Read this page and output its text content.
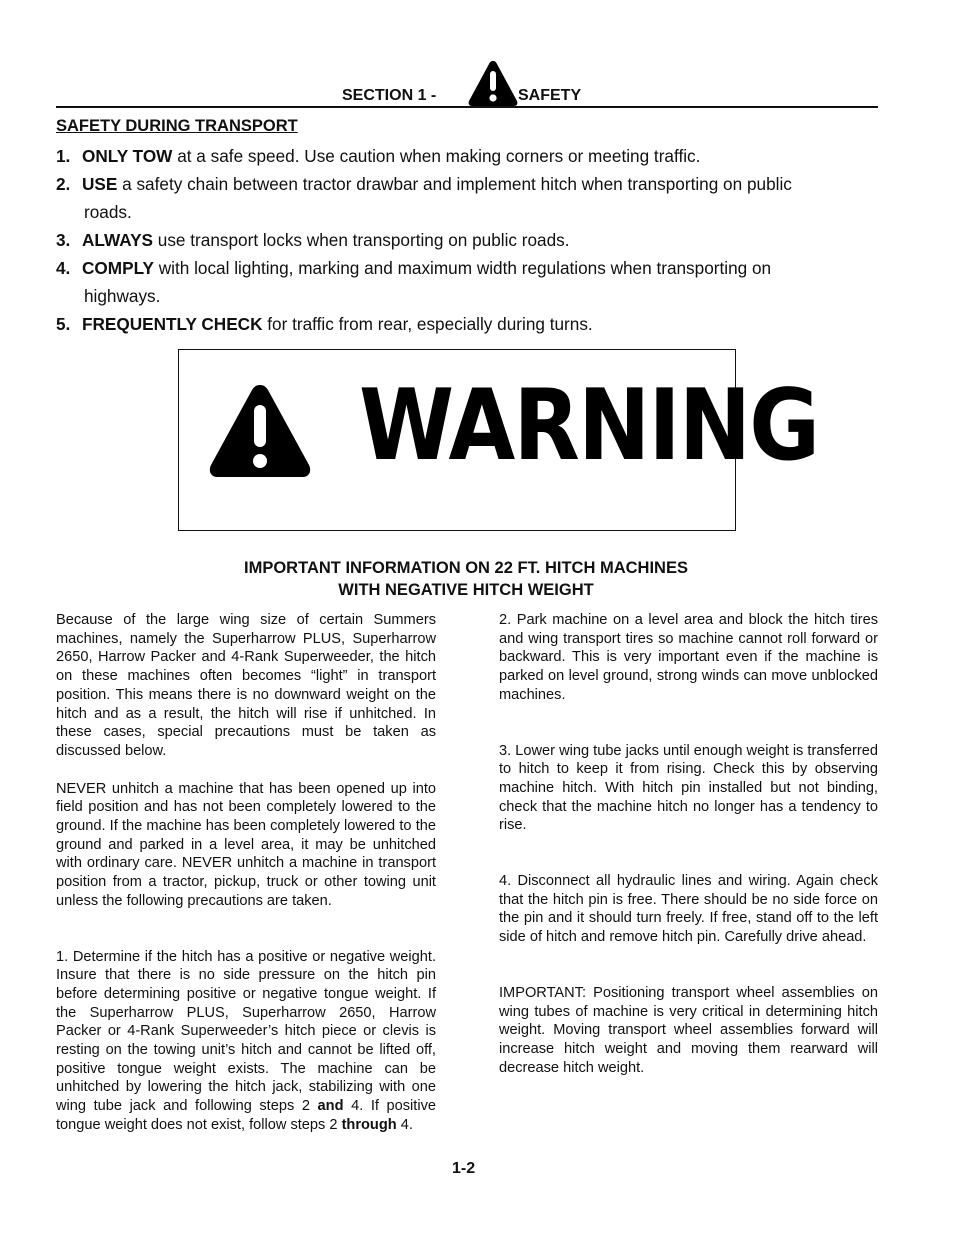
SECTION 1 -	SAFETY
SAFETY DURING TRANSPORT
1. ONLY TOW at a safe speed. Use caution when making corners or meeting traffic.
2. USE a safety chain between tractor drawbar and implement hitch when transporting on public
roads.
3. ALWAYS use transport locks when transporting on public roads.
4. COMPLY with local lighting, marking and maximum width regulations when transporting on
highways.
5. FREQUENTLY CHECK for traffic from rear, especially during turns.
WARNING
IMPORTANT INFORMATION ON 22 FT. HITCH MACHINES
WITH NEGATIVE HITCH WEIGHT

Because of the large wing size of certain Summers machines, namely the Superharrow PLUS, Superharrow 2650, Harrow Packer and 4-Rank Superweeder, the hitch on these machines often becomes “light” in transport position. This means there is no downward weight on the hitch and as a result, the hitch will rise if unhitched. In these cases, special precautions must be taken as discussed below.

NEVER unhitch a machine that has been opened up into field position and has not been completely lowered to the ground. If the machine has been completely lowered to the ground and parked in a level area, it may be unhitched with ordinary care. NEVER unhitch a machine in transport position from a tractor, pickup, truck or other towing unit unless the following precautions are taken.

1. Determine if the hitch has a positive or negative weight. Insure that there is no side pressure on the hitch pin before determining positive or negative tongue weight. If the Superharrow PLUS, Superharrow 2650, Harrow Packer or 4-Rank Superweeder’s hitch piece or clevis is resting on the towing unit’s hitch and cannot be lifted off, positive tongue weight exists. The machine can be unhitched by lowering the hitch jack, stabilizing with one wing tube jack and following steps 2 and 4. If positive tongue weight does not exist, follow steps 2 through 4.

2. Park machine on a level area and block the hitch tires and wing transport tires so machine cannot roll forward or backward. This is very important even if the machine is parked on level ground, strong winds can move unblocked machines.

3. Lower wing tube jacks until enough weight is transferred to hitch to keep it from rising. Check this by observing machine hitch. With hitch pin installed but not binding, check that the machine hitch no longer has a tendency to rise.

4. Disconnect all hydraulic lines and wiring. Again check that the hitch pin is free. There should be no side force on the pin and it should turn freely. If free, stand off to the left side of hitch and remove hitch pin. Carefully drive ahead.

IMPORTANT: Positioning transport wheel assemblies on wing tubes of machine is very critical in determining hitch weight. Moving transport wheel assemblies forward will increase hitch weight and moving them rearward will decrease hitch weight.

1-2
